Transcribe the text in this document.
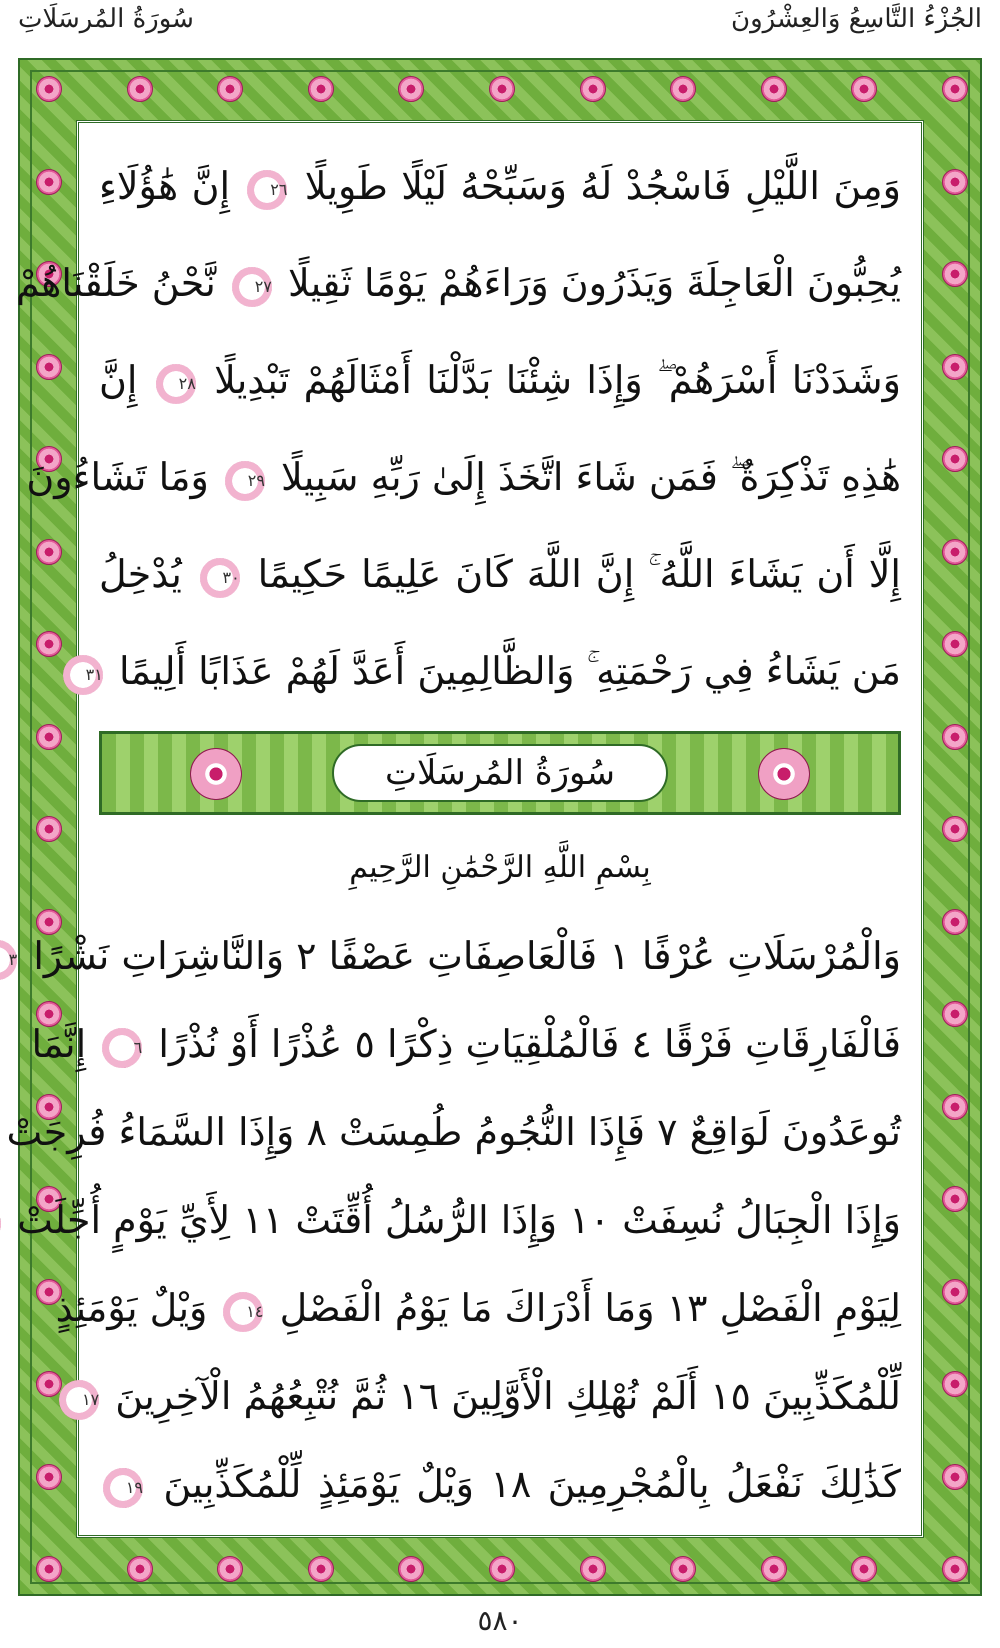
سُورَةُ المُرسَلَاتِ	الجُزْءُ التَّاسِعُ وَالعِشْرُونَ
وَمِنَ اللَّيْلِ فَاسْجُدْ لَهُ وَسَبِّحْهُ لَيْلًا طَوِيلًا ٢٦ إِنَّ هَٰؤُلَاءِ
يُحِبُّونَ الْعَاجِلَةَ وَيَذَرُونَ وَرَاءَهُمْ يَوْمًا ثَقِيلًا ٢٧ نَّحْنُ خَلَقْنَاهُمْ
وَشَدَدْنَا أَسْرَهُمْ ۖ وَإِذَا شِئْنَا بَدَّلْنَا أَمْثَالَهُمْ تَبْدِيلًا ٢٨ إِنَّ
هَٰذِهِ تَذْكِرَةٌ ۖ فَمَن شَاءَ اتَّخَذَ إِلَىٰ رَبِّهِ سَبِيلًا ٢٩ وَمَا تَشَاءُونَ
إِلَّا أَن يَشَاءَ اللَّهُ ۚ إِنَّ اللَّهَ كَانَ عَلِيمًا حَكِيمًا ٣٠ يُدْخِلُ
مَن يَشَاءُ فِي رَحْمَتِهِ ۚ وَالظَّالِمِينَ أَعَدَّ لَهُمْ عَذَابًا أَلِيمًا ٣١
سُورَةُ المُرسَلَاتِ
بِسْمِ اللَّهِ الرَّحْمَٰنِ الرَّحِيمِ
وَالْمُرْسَلَاتِ عُرْفًا ١ فَالْعَاصِفَاتِ عَصْفًا ٢ وَالنَّاشِرَاتِ نَشْرًا ٣
فَالْفَارِقَاتِ فَرْقًا ٤ فَالْمُلْقِيَاتِ ذِكْرًا ٥ عُذْرًا أَوْ نُذْرًا ٦ إِنَّمَا
تُوعَدُونَ لَوَاقِعٌ ٧ فَإِذَا النُّجُومُ طُمِسَتْ ٨ وَإِذَا السَّمَاءُ فُرِجَتْ
وَإِذَا الْجِبَالُ نُسِفَتْ ١٠ وَإِذَا الرُّسُلُ أُقِّتَتْ ١١ لِأَيِّ يَوْمٍ أُجِّلَتْ
لِيَوْمِ الْفَصْلِ ١٣ وَمَا أَدْرَاكَ مَا يَوْمُ الْفَصْلِ ١٤ وَيْلٌ يَوْمَئِذٍ
لِّلْمُكَذِّبِينَ ١٥ أَلَمْ نُهْلِكِ الْأَوَّلِينَ ١٦ ثُمَّ نُتْبِعُهُمُ الْآخِرِينَ ١٧
كَذَٰلِكَ نَفْعَلُ بِالْمُجْرِمِينَ ١٨ وَيْلٌ يَوْمَئِذٍ لِّلْمُكَذِّبِينَ ١٩
٥٨٠
